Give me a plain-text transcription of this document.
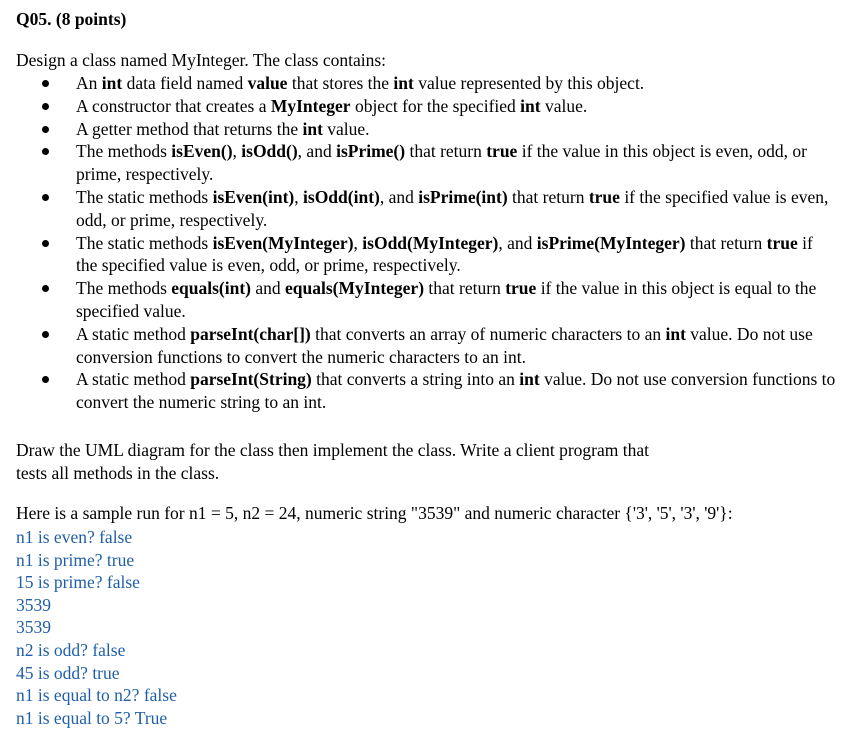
Q05. (8 points)

Design a class named MyInteger. The class contains:

An int data field named value that stores the int value represented by this object.
A constructor that creates a MyInteger object for the specified int value.
A getter method that returns the int value.
The methods isEven(), isOdd(), and isPrime() that return true if the value in this object is even, odd, or prime, respectively.
The static methods isEven(int), isOdd(int), and isPrime(int) that return true if the specified value is even, odd, or prime, respectively.
The static methods isEven(MyInteger), isOdd(MyInteger), and isPrime(MyInteger) that return true if the specified value is even, odd, or prime, respectively.
The methods equals(int) and equals(MyInteger) that return true if the value in this object is equal to the specified value.
A static method parseInt(char[]) that converts an array of numeric characters to an int value. Do not use conversion functions to convert the numeric characters to an int.
A static method parseInt(String) that converts a string into an int value. Do not use conversion functions to convert the numeric string to an int.

Draw the UML diagram for the class then implement the class. Write a client program that tests all methods in the class.

Here is a sample run for n1 = 5, n2 = 24, numeric string "3539" and numeric character {'3', '5', '3', '9'}:

n1 is even? false
n1 is prime? true
15 is prime? false
3539
3539
n2 is odd? false
45 is odd? true
n1 is equal to n2? false
n1 is equal to 5? True
